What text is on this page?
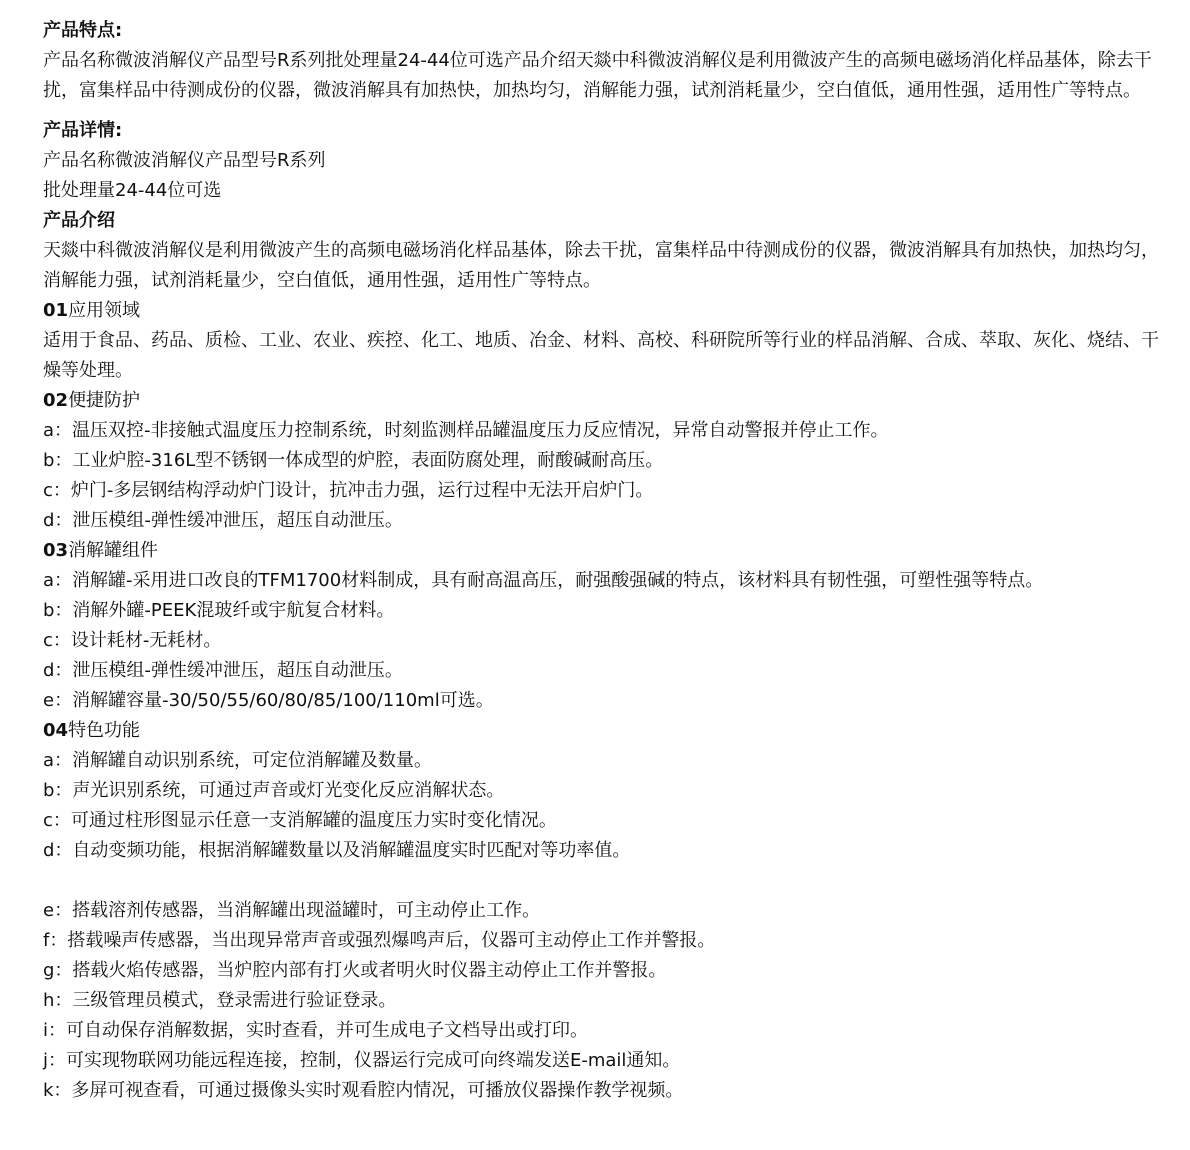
产品特点:

产品名称微波消解仪产品型号R系列批处理量24-44位可选产品介绍天燚中科微波消解仪是利用微波产生的高频电磁场消化样品基体，除去干扰，富集样品中待测成份的仪器，微波消解具有加热快，加热均匀，消解能力强，试剂消耗量少，空白值低，通用性强，适用性广等特点。

产品详情:

产品名称微波消解仪产品型号R系列

批处理量24-44位可选

产品介绍

天燚中科微波消解仪是利用微波产生的高频电磁场消化样品基体，除去干扰，富集样品中待测成份的仪器，微波消解具有加热快，加热均匀，消解能力强，试剂消耗量少，空白值低，通用性强，适用性广等特点。

01应用领域

适用于食品、药品、质检、工业、农业、疾控、化工、地质、冶金、材料、高校、科研院所等行业的样品消解、合成、萃取、灰化、烧结、干燥等处理。

02便捷防护

a：温压双控-非接触式温度压力控制系统，时刻监测样品罐温度压力反应情况，异常自动警报并停止工作。

b：工业炉腔-316L型不锈钢一体成型的炉腔，表面防腐处理，耐酸碱耐高压。

c：炉门-多层钢结构浮动炉门设计，抗冲击力强，运行过程中无法开启炉门。

d：泄压模组-弹性缓冲泄压，超压自动泄压。

03消解罐组件

a：消解罐-采用进口改良的TFM1700材料制成，具有耐高温高压，耐强酸强碱的特点，该材料具有韧性强，可塑性强等特点。

b：消解外罐-PEEK混玻纤或宇航复合材料。

c：设计耗材-无耗材。

d：泄压模组-弹性缓冲泄压，超压自动泄压。

e：消解罐容量-30/50/55/60/80/85/100/110ml可选。

04特色功能

a：消解罐自动识别系统，可定位消解罐及数量。

b：声光识别系统，可通过声音或灯光变化反应消解状态。

c：可通过柱形图显示任意一支消解罐的温度压力实时变化情况。

d：自动变频功能，根据消解罐数量以及消解罐温度实时匹配对等功率值。

e：搭载溶剂传感器，当消解罐出现溢罐时，可主动停止工作。

f：搭载噪声传感器，当出现异常声音或强烈爆鸣声后，仪器可主动停止工作并警报。

g：搭载火焰传感器，当炉腔内部有打火或者明火时仪器主动停止工作并警报。

h：三级管理员模式，登录需进行验证登录。

i：可自动保存消解数据，实时查看，并可生成电子文档导出或打印。

j：可实现物联网功能远程连接，控制，仪器运行完成可向终端发送E-mail通知。

k：多屏可视查看，可通过摄像头实时观看腔内情况，可播放仪器操作教学视频。
